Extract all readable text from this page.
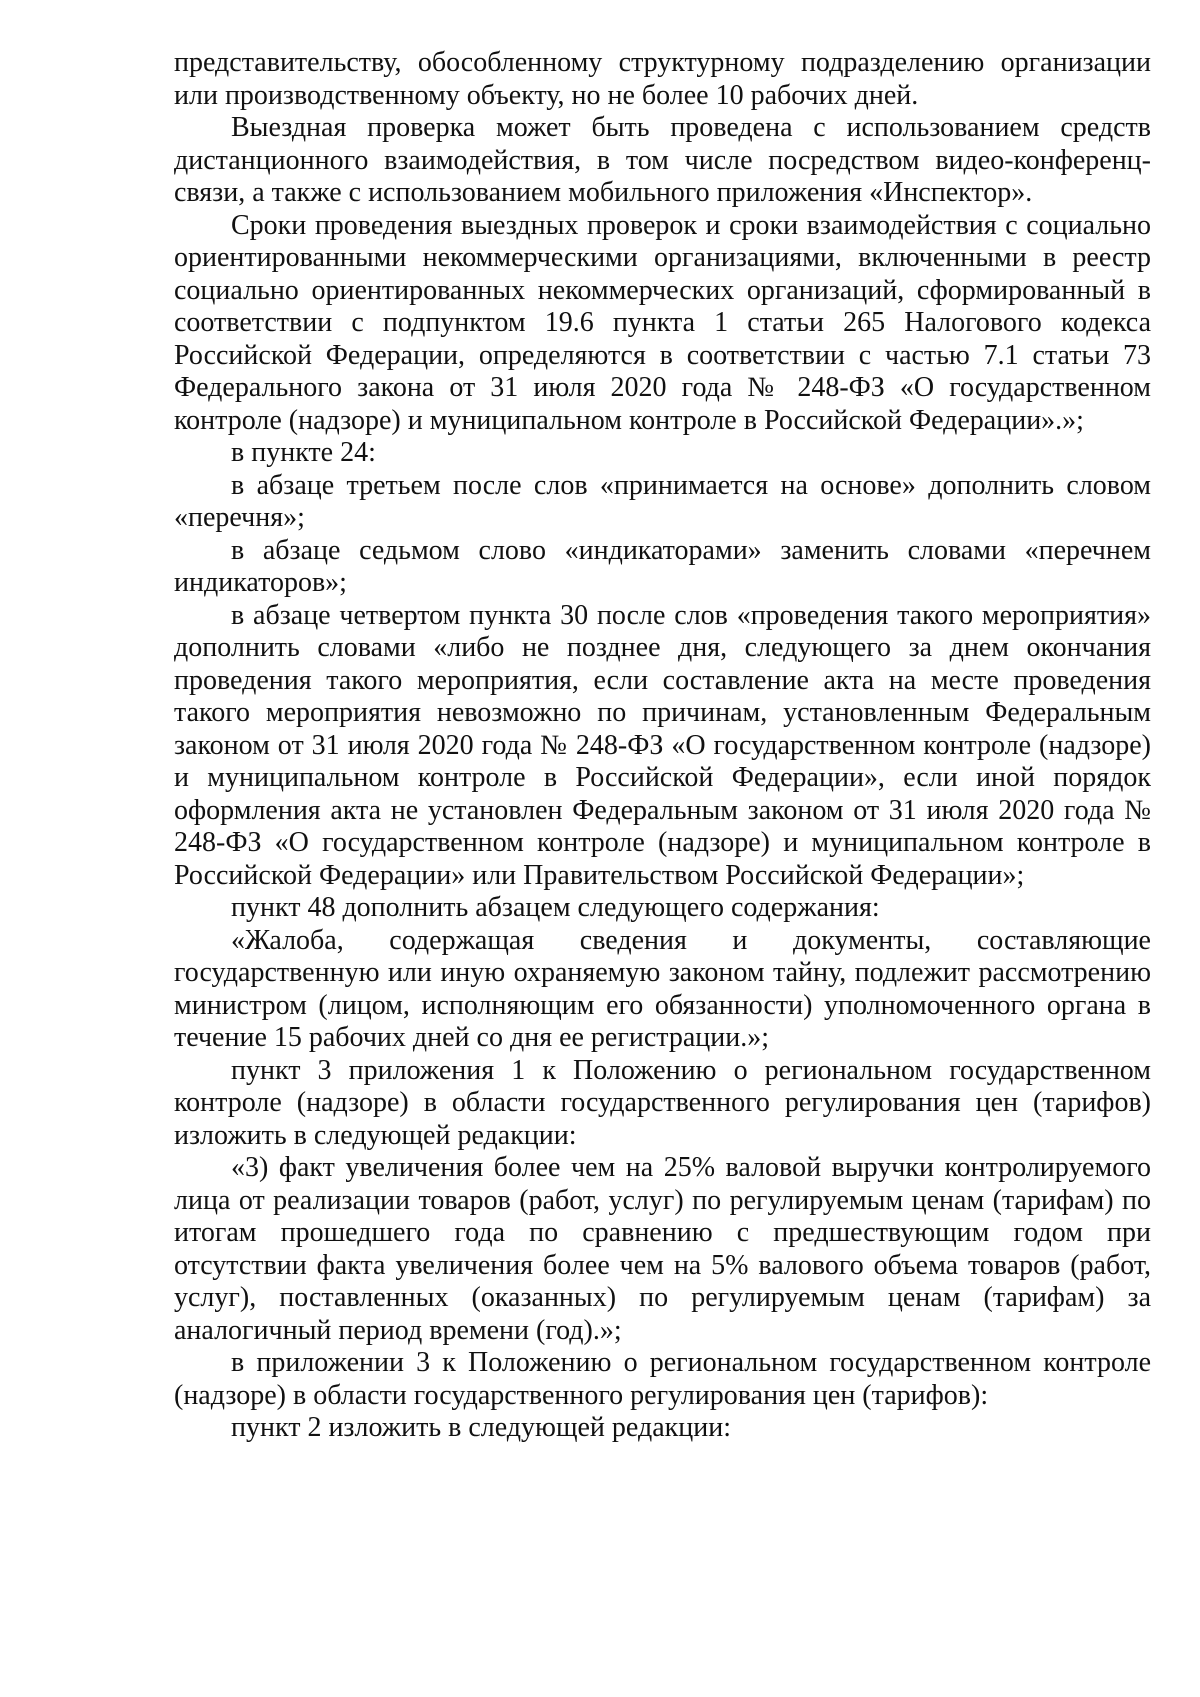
представительству, обособленному структурному подразделению организации или производственному объекту, но не более 10 рабочих дней.

Выездная проверка может быть проведена с использованием средств дистанционного взаимодействия, в том числе посредством видео-конференц-связи, а также с использованием мобильного приложения «Инспектор».

Сроки проведения выездных проверок и сроки взаимодействия с социально ориентированными некоммерческими организациями, включенными в реестр социально ориентированных некоммерческих организаций, сформированный в соответствии с подпунктом 19.6 пункта 1 статьи 265 Налогового кодекса Российской Федерации, определяются в соответствии с частью 7.1 статьи 73 Федерального закона от 31 июля 2020 года № 248-ФЗ «О государственном контроле (надзоре) и муниципальном контроле в Российской Федерации».»;

в пункте 24:

в абзаце третьем после слов «принимается на основе» дополнить словом «перечня»;

в абзаце седьмом слово «индикаторами» заменить словами «перечнем индикаторов»;

в абзаце четвертом пункта 30 после слов «проведения такого мероприятия» дополнить словами «либо не позднее дня, следующего за днем окончания проведения такого мероприятия, если составление акта на месте проведения такого мероприятия невозможно по причинам, установленным Федеральным законом от 31 июля 2020 года № 248-ФЗ «О государственном контроле (надзоре) и муниципальном контроле в Российской Федерации», если иной порядок оформления акта не установлен Федеральным законом от 31 июля 2020 года № 248-ФЗ «О государственном контроле (надзоре) и муниципальном контроле в Российской Федерации» или Правительством Российской Федерации»;

пункт 48 дополнить абзацем следующего содержания:

«Жалоба, содержащая сведения и документы, составляющие государственную или иную охраняемую законом тайну, подлежит рассмотрению министром (лицом, исполняющим его обязанности) уполномоченного органа в течение 15 рабочих дней со дня ее регистрации.»;

пункт 3 приложения 1 к Положению о региональном государственном контроле (надзоре) в области государственного регулирования цен (тарифов) изложить в следующей редакции:

«3) факт увеличения более чем на 25% валовой выручки контролируемого лица от реализации товаров (работ, услуг) по регулируемым ценам (тарифам) по итогам прошедшего года по сравнению с предшествующим годом при отсутствии факта увеличения более чем на 5% валового объема товаров (работ, услуг), поставленных (оказанных) по регулируемым ценам (тарифам) за аналогичный период времени (год).»;

в приложении 3 к Положению о региональном государственном контроле (надзоре) в области государственного регулирования цен (тарифов):

пункт 2 изложить в следующей редакции:
